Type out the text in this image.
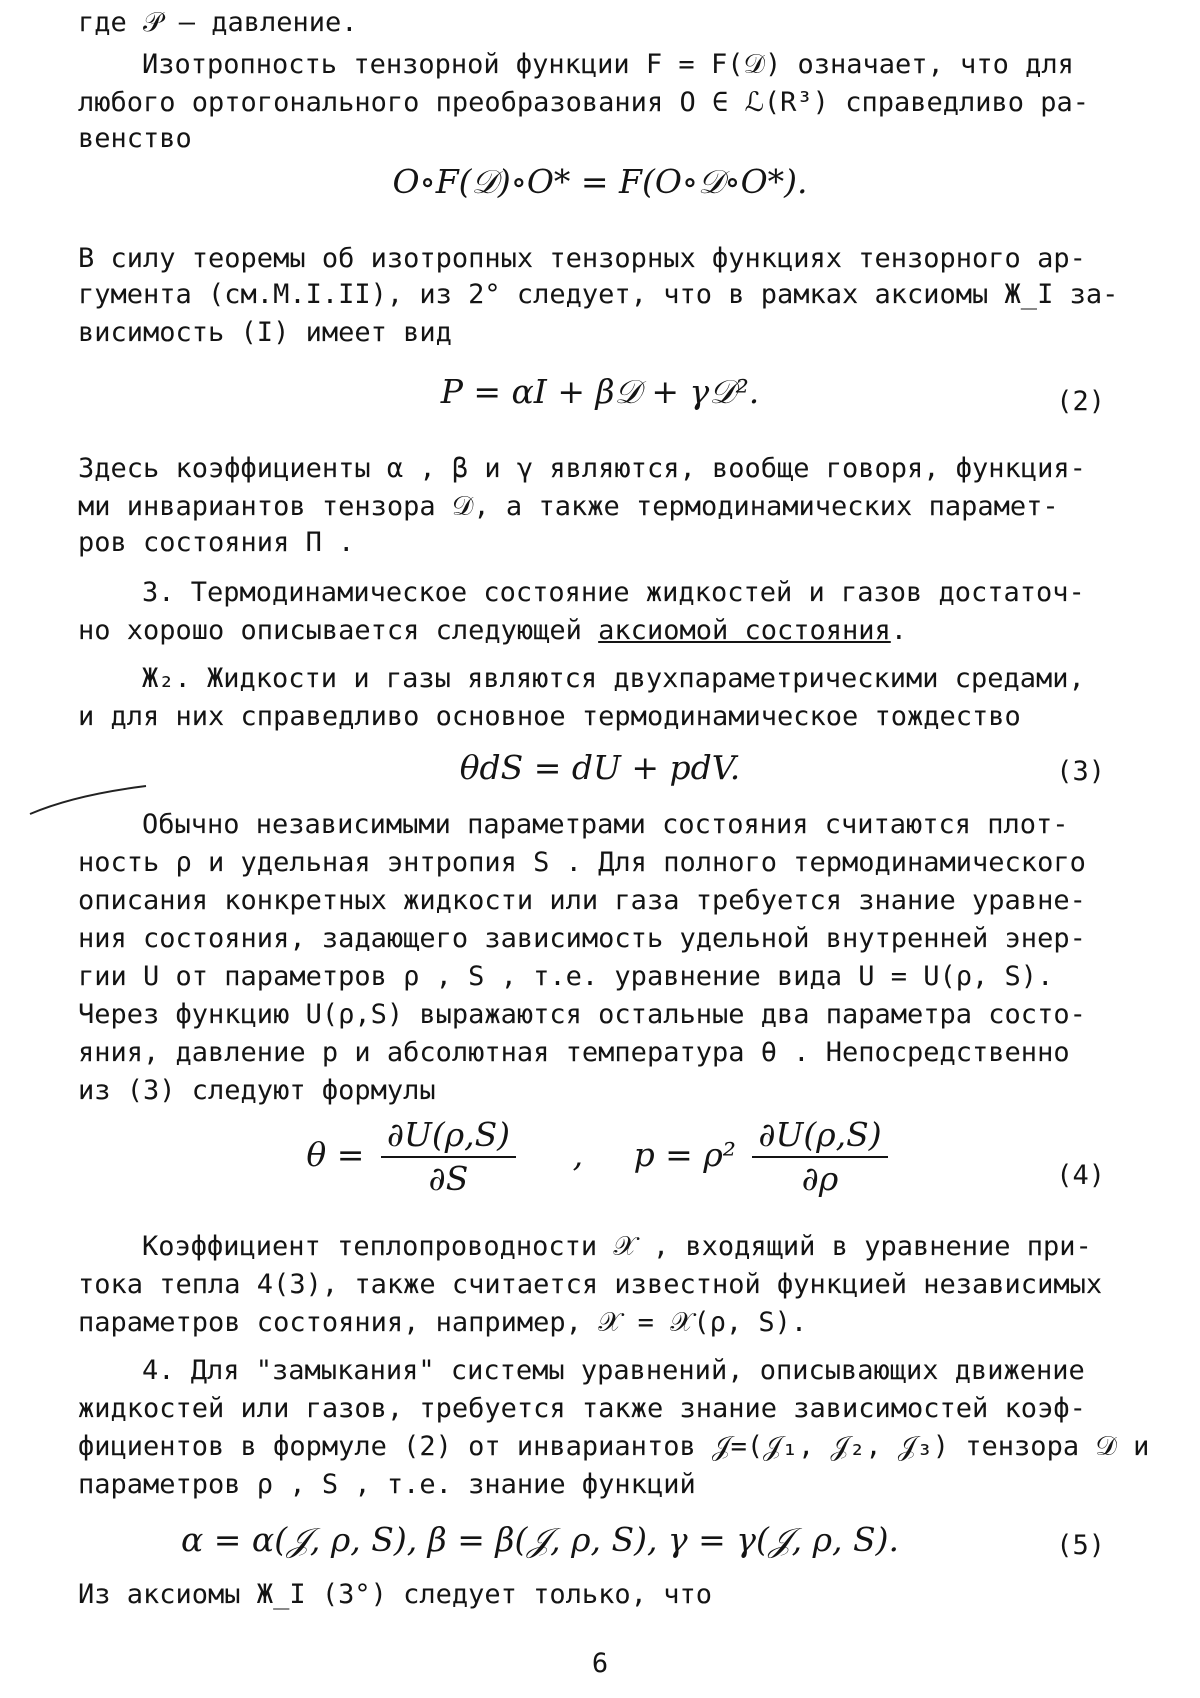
где 𝒫 – давление.
Изотропность тензорной функции F = F(𝒟) означает, что для
любого ортогонального преобразования O ∈ ℒ(R³) справедливо ра-
венство
O∘F(𝒟)∘O* = F(O∘𝒟∘O*).
В силу теоремы об изотропных тензорных функциях тензорного ар-
гумента (см.М.I.II), из 2° следует, что в рамках аксиомы Ж_I за-
висимость (I) имеет вид
P = αI + β𝒟 + γ𝒟².	(2)
Здесь коэффициенты α , β и γ являются, вообще говоря, функция-
ми инвариантов тензора 𝒟, а также термодинамических парамет-
ров состояния Π .
3. Термодинамическое состояние жидкостей и газов достаточ-
но хорошо описывается следующей аксиомой состояния.
Ж₂. Жидкости и газы являются двухпараметрическими средами,
и для них справедливо основное термодинамическое тождество
θdS = dU + pdV.	(3)
Обычно независимыми параметрами состояния считаются плот-
ность ρ и удельная энтропия S . Для полного термодинамического
описания конкретных жидкости или газа требуется знание уравне-
ния состояния, задающего зависимость удельной внутренней энер-
гии U от параметров ρ , S , т.е. уравнение вида U = U(ρ, S).
Через функцию U(ρ,S) выражаются остальные два параметра состо-
яния, давление p и абсолютная температура θ . Непосредственно
из (3) следуют формулы
$\theta = \frac{\partial U(\rho,S)}{\partial S}$ , $p = \rho^2 \frac{\partial U(\rho,S)}{\partial\rho}$	(4)
Коэффициент теплопроводности 𝒳 , входящий в уравнение при-
тока тепла 4(3), также считается известной функцией независимых
параметров состояния, например, 𝒳 = 𝒳(ρ, S).
4. Для "замыкания" системы уравнений, описывающих движение
жидкостей или газов, требуется также знание зависимостей коэф-
фициентов в формуле (2) от инвариантов 𝒥=(𝒥₁, 𝒥₂, 𝒥₃) тензора 𝒟 и
параметров ρ , S , т.е. знание функций
α = α(𝒥, ρ, S), β = β(𝒥, ρ, S), γ = γ(𝒥, ρ, S).	(5)
Из аксиомы Ж_I (3°) следует только, что
6
